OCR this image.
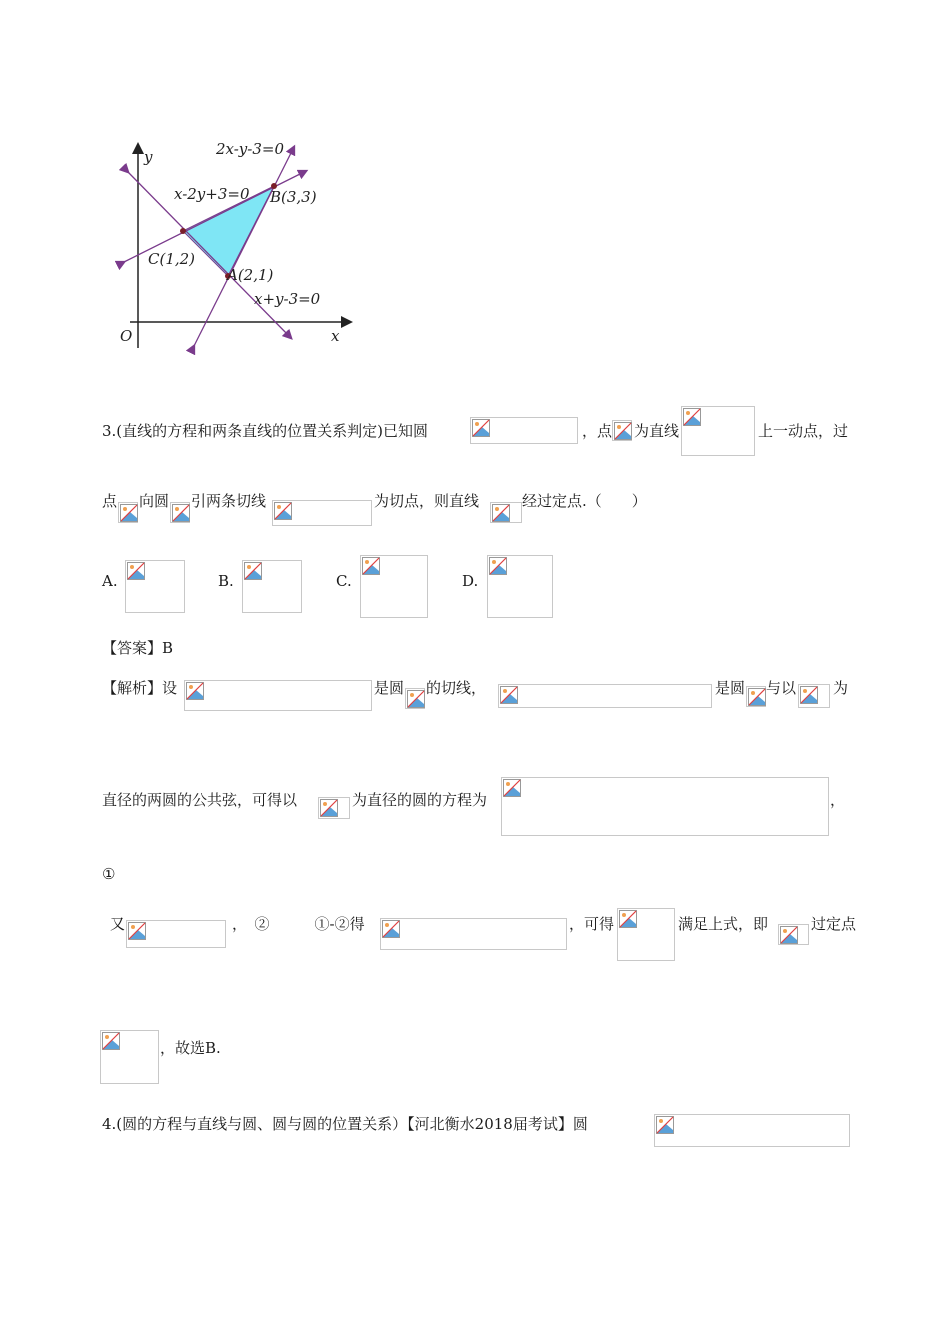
2x-y-3=0
x-2y+3=0 B(3,3)
C(1,2)
A(2,1)
x+y-3=0
y
x
O
3.(直线的方程和两条直线的位置关系判定)已知圆	，点 为直线	上一动点，过
点 向圆 引两条切线	为切点，则直线	经过定点.（　　）
A.	B.	C.	D.
【答案】B
【解析】设	是圆 的切线，	是圆 与以 为
直径的两圆的公共弦，可得以	为直径的圆的方程为	，
①
又	，　②　　　①-②得	，可得	满足上式，即	过定点
，故选B.
4.(圆的方程与直线与圆、圆与圆的位置关系）【河北衡水2018届考试】圆
